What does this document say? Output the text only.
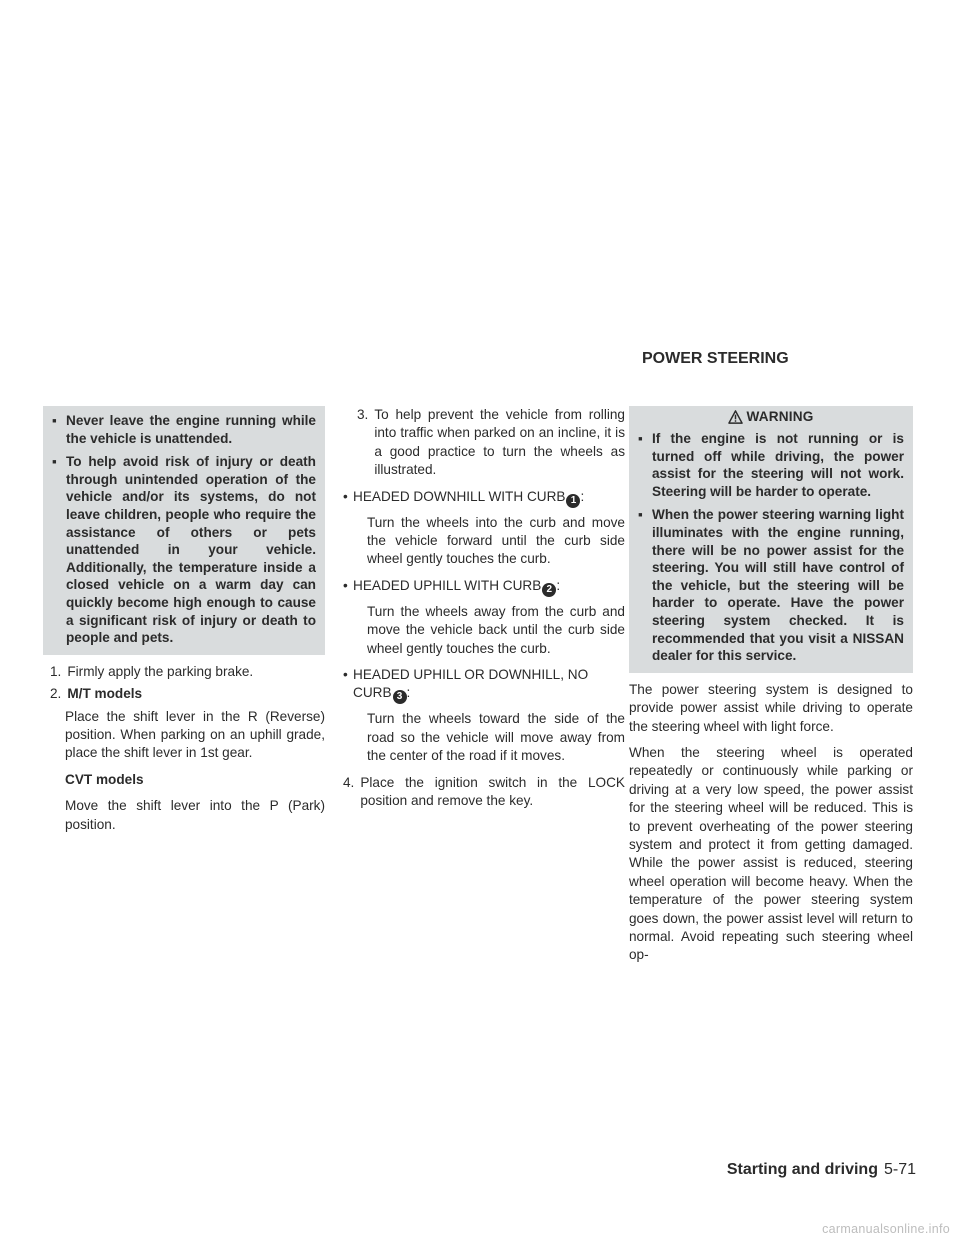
POWER STEERING
▪ Never leave the engine running while the vehicle is unattended.
▪ To help avoid risk of injury or death through unintended operation of the vehicle and/or its systems, do not leave children, people who require the assistance of others or pets unattended in your vehicle. Additionally, the temperature inside a closed vehicle on a warm day can quickly become high enough to cause a significant risk of injury or death to people and pets.
1. Firmly apply the parking brake.
2. M/T models

Place the shift lever in the R (Reverse) position. When parking on an uphill grade, place the shift lever in 1st gear.

CVT models

Move the shift lever into the P (Park) position.

3. To help prevent the vehicle from rolling into traffic when parked on an incline, it is a good practice to turn the wheels as illustrated.
• HEADED DOWNHILL WITH CURB 1 :

Turn the wheels into the curb and move the vehicle forward until the curb side wheel gently touches the curb.

• HEADED UPHILL WITH CURB 2 :

Turn the wheels away from the curb and move the vehicle back until the curb side wheel gently touches the curb.

• HEADED UPHILL OR DOWNHILL, NO CURB 3 :

Turn the wheels toward the side of the road so the vehicle will move away from the center of the road if it moves.

4. Place the ignition switch in the LOCK position and remove the key.
WARNING
▪ If the engine is not running or is turned off while driving, the power assist for the steering will not work. Steering will be harder to operate.
▪ When the power steering warning light illuminates with the engine running, there will be no power assist for the steering. You will still have control of the vehicle, but the steering will be harder to operate. Have the power steering system checked. It is recommended that you visit a NISSAN dealer for this service.

The power steering system is designed to provide power assist while driving to operate the steering wheel with light force.

When the steering wheel is operated repeatedly or continuously while parking or driving at a very low speed, the power assist for the steering wheel will be reduced. This is to prevent overheating of the power steering system and protect it from getting damaged. While the power assist is reduced, steering wheel operation will become heavy. When the temperature of the power steering system goes down, the power assist level will return to normal. Avoid repeating such steering wheel op-

Starting and driving 5-71
carmanualsonline.info
